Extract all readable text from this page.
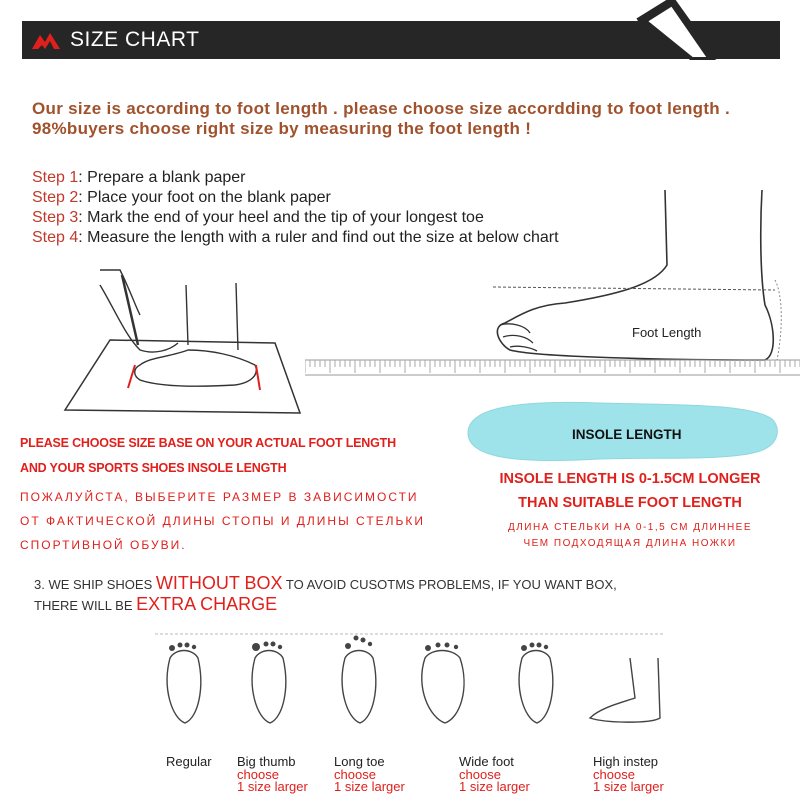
SIZE CHART
Our size is according to foot length . please choose size accordding to foot length .
98%buyers choose right size by measuring the foot length !
Step 1: Prepare a blank paper
Step 2: Place your foot on the blank paper
Step 3: Mark the end of your heel and the tip of your longest toe
Step 4: Measure the length with a ruler and find out the size at below chart
Foot Length
INSOLE LENGTH
INSOLE LENGTH IS 0-1.5CM LONGER
THAN SUITABLE FOOT LENGTH
ДЛИНА СТЕЛЬКИ НА 0-1,5 СМ ДЛИННЕЕ
ЧЕМ ПОДХОДЯЩАЯ ДЛИНА НОЖКИ
PLEASE CHOOSE SIZE BASE ON YOUR ACTUAL FOOT LENGTH
AND YOUR SPORTS SHOES INSOLE LENGTH
ПОЖАЛУЙСТА, ВЫБЕРИТЕ РАЗМЕР В ЗАВИСИМОСТИ
ОТ ФАКТИЧЕСКОЙ ДЛИНЫ СТОПЫ И ДЛИНЫ СТЕЛЬКИ
СПОРТИВНОЙ ОБУВИ.
3. WE SHIP SHOES WITHOUT BOX TO AVOID CUSOTMS PROBLEMS, IF YOU WANT BOX,
THERE WILL BE EXTRA CHARGE
Regular Big thumb
choose
1 size larger
Long toe
choose
1 size larger
Wide foot
choose
1 size larger
High instep
choose
1 size larger
